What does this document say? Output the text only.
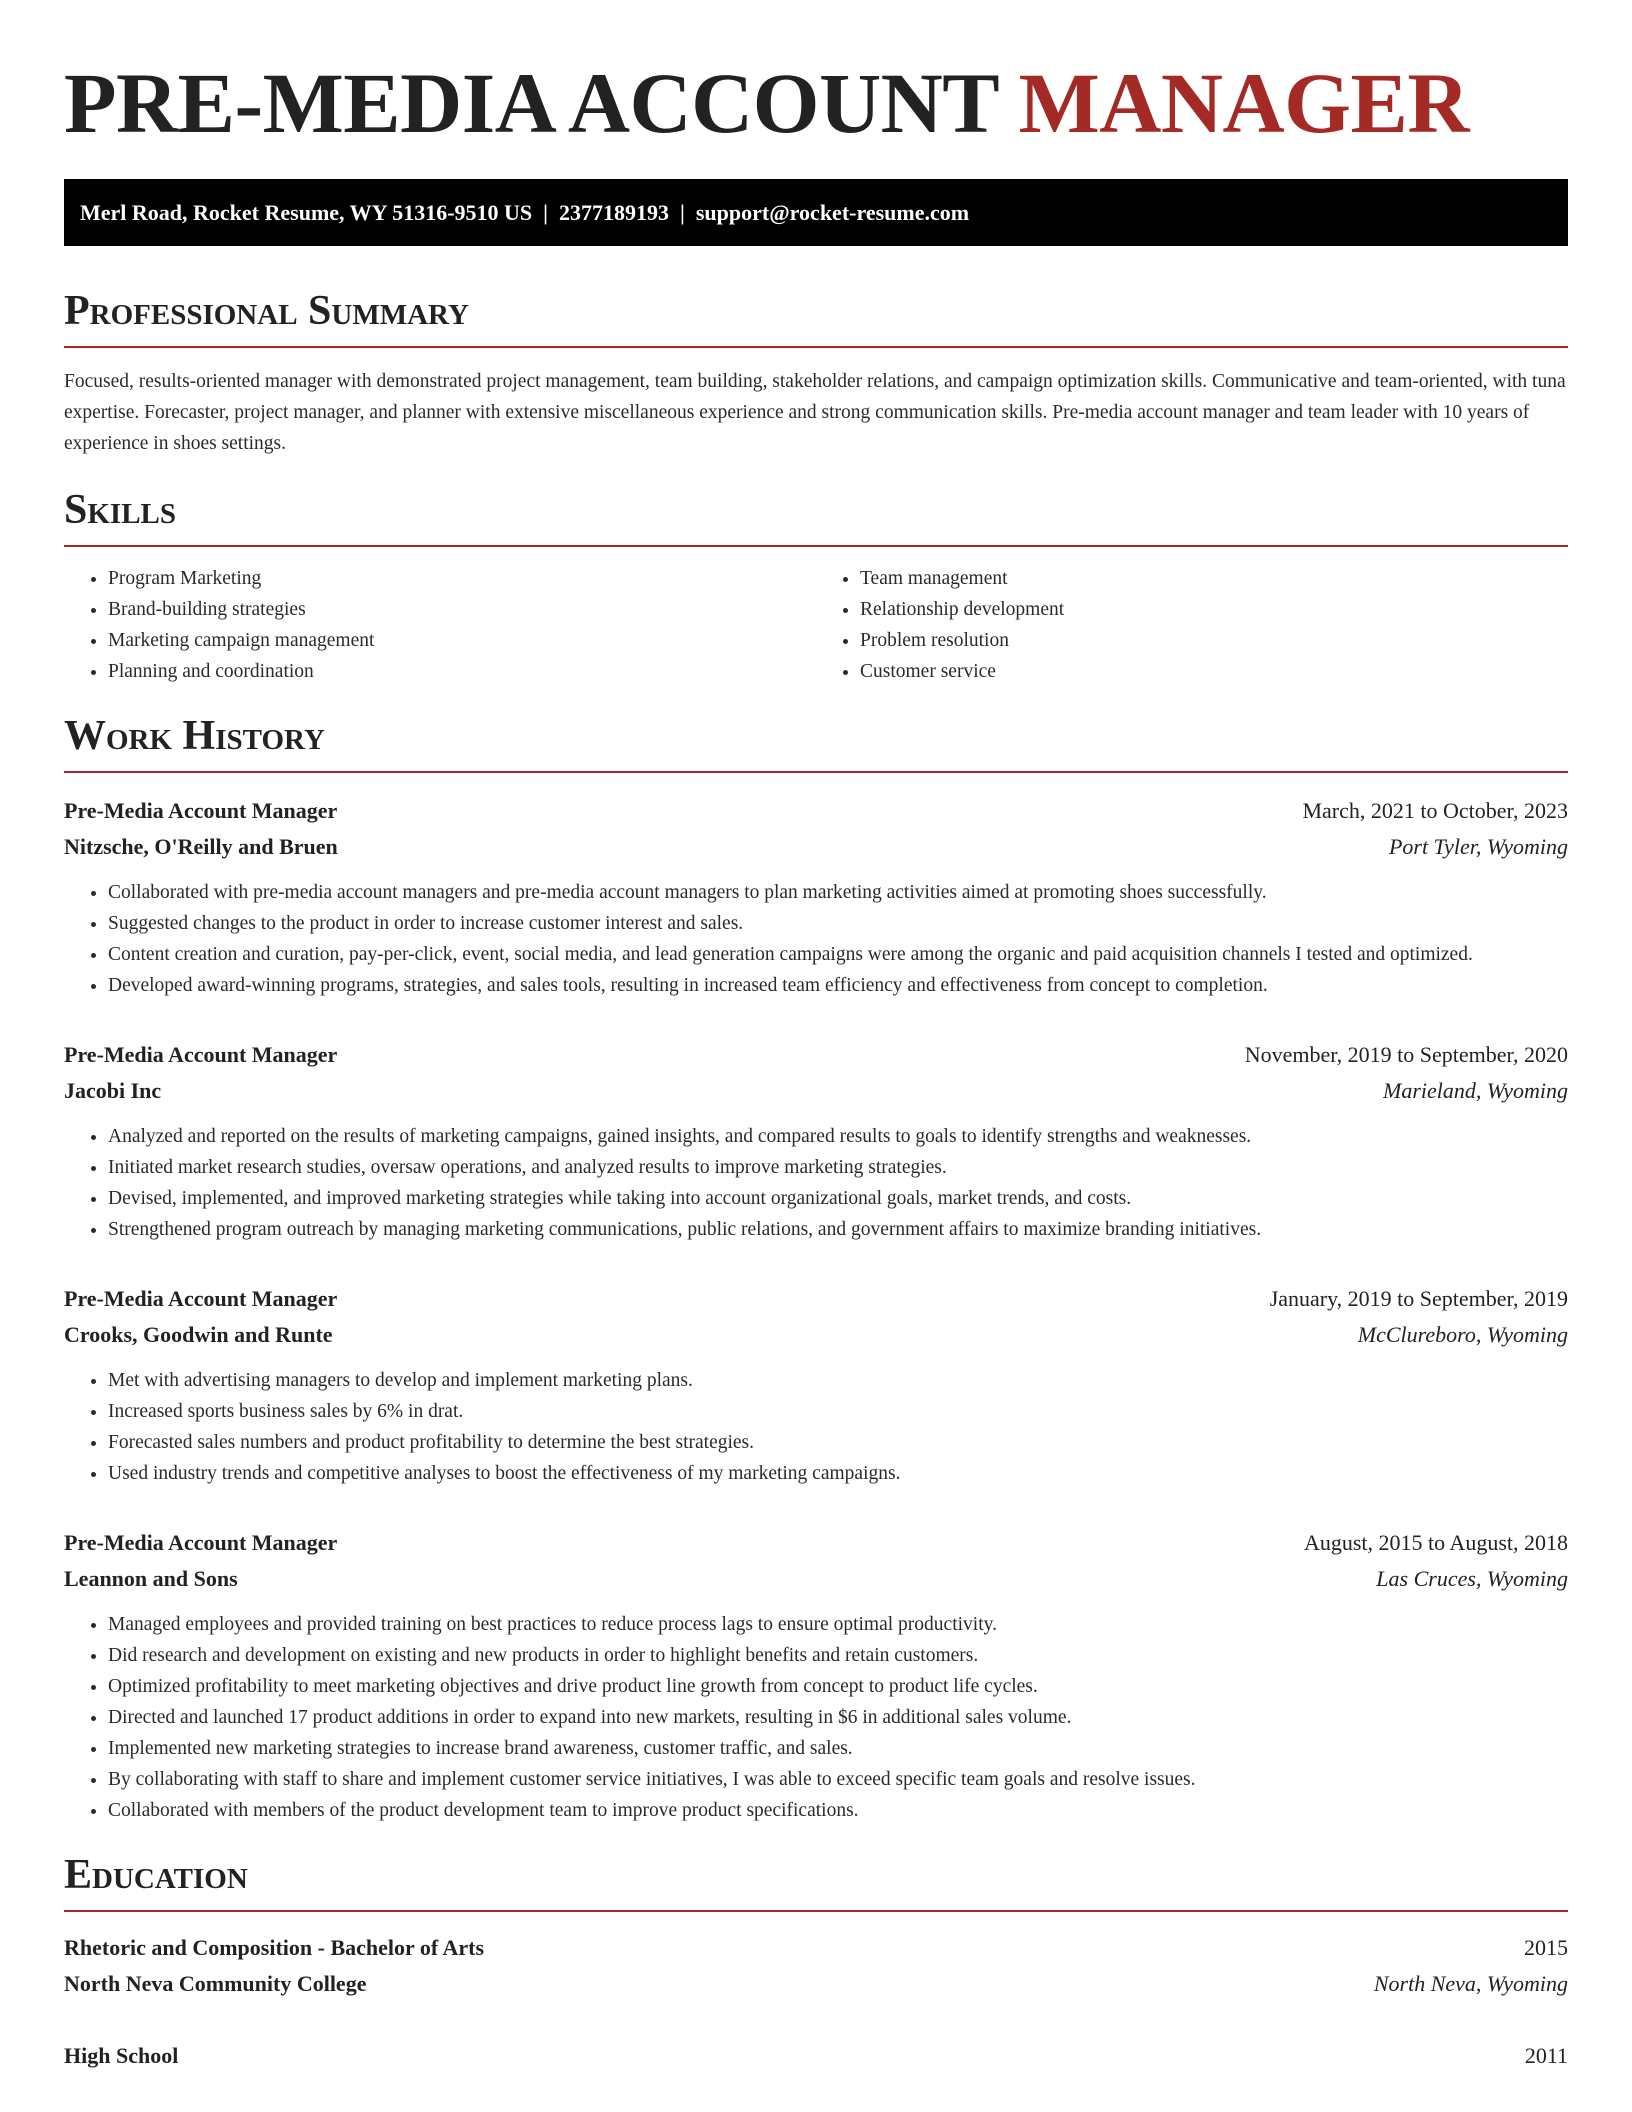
PRE-MEDIA ACCOUNT MANAGER
Merl Road, Rocket Resume, WY 51316-9510 US  |  2377189193  |  support@rocket-resume.com
Professional Summary

Focused, results-oriented manager with demonstrated project management, team building, stakeholder relations, and campaign optimization skills. Communicative and team-oriented, with tuna expertise. Forecaster, project manager, and planner with extensive miscellaneous experience and strong communication skills. Pre-media account manager and team leader with 10 years of experience in shoes settings.

Skills
• Program Marketing
• Brand-building strategies
• Marketing campaign management
• Planning and coordination
• Team management
• Relationship development
• Problem resolution
• Customer service
Work History
Pre-Media Account Manager	March, 2021 to October, 2023
Nitzsche, O'Reilly and Bruen	Port Tyler, Wyoming
• Collaborated with pre-media account managers and pre-media account managers to plan marketing activities aimed at promoting shoes successfully.
• Suggested changes to the product in order to increase customer interest and sales.
• Content creation and curation, pay-per-click, event, social media, and lead generation campaigns were among the organic and paid acquisition channels I tested and optimized.
• Developed award-winning programs, strategies, and sales tools, resulting in increased team efficiency and effectiveness from concept to completion.
Pre-Media Account Manager	November, 2019 to September, 2020
Jacobi Inc	Marieland, Wyoming
• Analyzed and reported on the results of marketing campaigns, gained insights, and compared results to goals to identify strengths and weaknesses.
• Initiated market research studies, oversaw operations, and analyzed results to improve marketing strategies.
• Devised, implemented, and improved marketing strategies while taking into account organizational goals, market trends, and costs.
• Strengthened program outreach by managing marketing communications, public relations, and government affairs to maximize branding initiatives.
Pre-Media Account Manager	January, 2019 to September, 2019
Crooks, Goodwin and Runte	McClureboro, Wyoming
• Met with advertising managers to develop and implement marketing plans.
• Increased sports business sales by 6% in drat.
• Forecasted sales numbers and product profitability to determine the best strategies.
• Used industry trends and competitive analyses to boost the effectiveness of my marketing campaigns.
Pre-Media Account Manager	August, 2015 to August, 2018
Leannon and Sons	Las Cruces, Wyoming
• Managed employees and provided training on best practices to reduce process lags to ensure optimal productivity.
• Did research and development on existing and new products in order to highlight benefits and retain customers.
• Optimized profitability to meet marketing objectives and drive product line growth from concept to product life cycles.
• Directed and launched 17 product additions in order to expand into new markets, resulting in $6 in additional sales volume.
• Implemented new marketing strategies to increase brand awareness, customer traffic, and sales.
• By collaborating with staff to share and implement customer service initiatives, I was able to exceed specific team goals and resolve issues.
• Collaborated with members of the product development team to improve product specifications.
Education
Rhetoric and Composition - Bachelor of Arts	2015
North Neva Community College	North Neva, Wyoming
High School	2011
